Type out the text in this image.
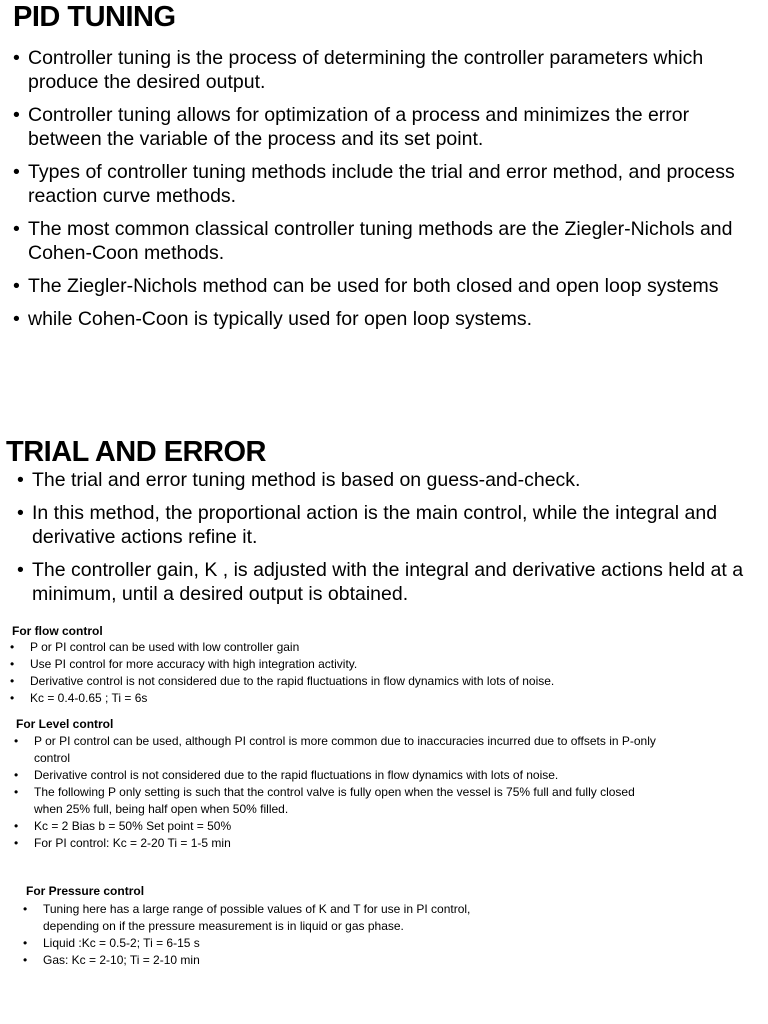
PID TUNING
• Controller tuning is the process of determining the controller parameters which produce the desired output.
• Controller tuning allows for optimization of a process and minimizes the error between the variable of the process and its set point.
• Types of controller tuning methods include the trial and error method, and process reaction curve methods.
• The most common classical controller tuning methods are the Ziegler-Nichols and Cohen-Coon methods.
• The Ziegler-Nichols method can be used for both closed and open loop systems
• while Cohen-Coon is typically used for open loop systems.
TRIAL AND ERROR
• The trial and error tuning method is based on guess-and-check.
• In this method, the proportional action is the main control, while the integral and derivative actions refine it.
• The controller gain, K , is adjusted with the integral and derivative actions held at a minimum, until a desired output is obtained.
For flow control
• P or PI control can be used with low controller gain
• Use PI control for more accuracy with high integration activity.
• Derivative control is not considered due to the rapid fluctuations in flow dynamics with lots of noise.
• Kc = 0.4-0.65 ; Ti = 6s
For Level control
• P or PI control can be used, although PI control is more common due to inaccuracies incurred due to offsets in P-only control
• Derivative control is not considered due to the rapid fluctuations in flow dynamics with lots of noise.
• The following P only setting is such that the control valve is fully open when the vessel is 75% full and fully closed when 25% full, being half open when 50% filled.
• Kc = 2 Bias b = 50% Set point = 50%
• For PI control: Kc = 2-20 Ti = 1-5 min
For Pressure control
• Tuning here has a large range of possible values of K and T for use in PI control, depending on if the pressure measurement is in liquid or gas phase.
• Liquid :Kc = 0.5-2; Ti = 6-15 s
• Gas: Kc = 2-10; Ti = 2-10 min
